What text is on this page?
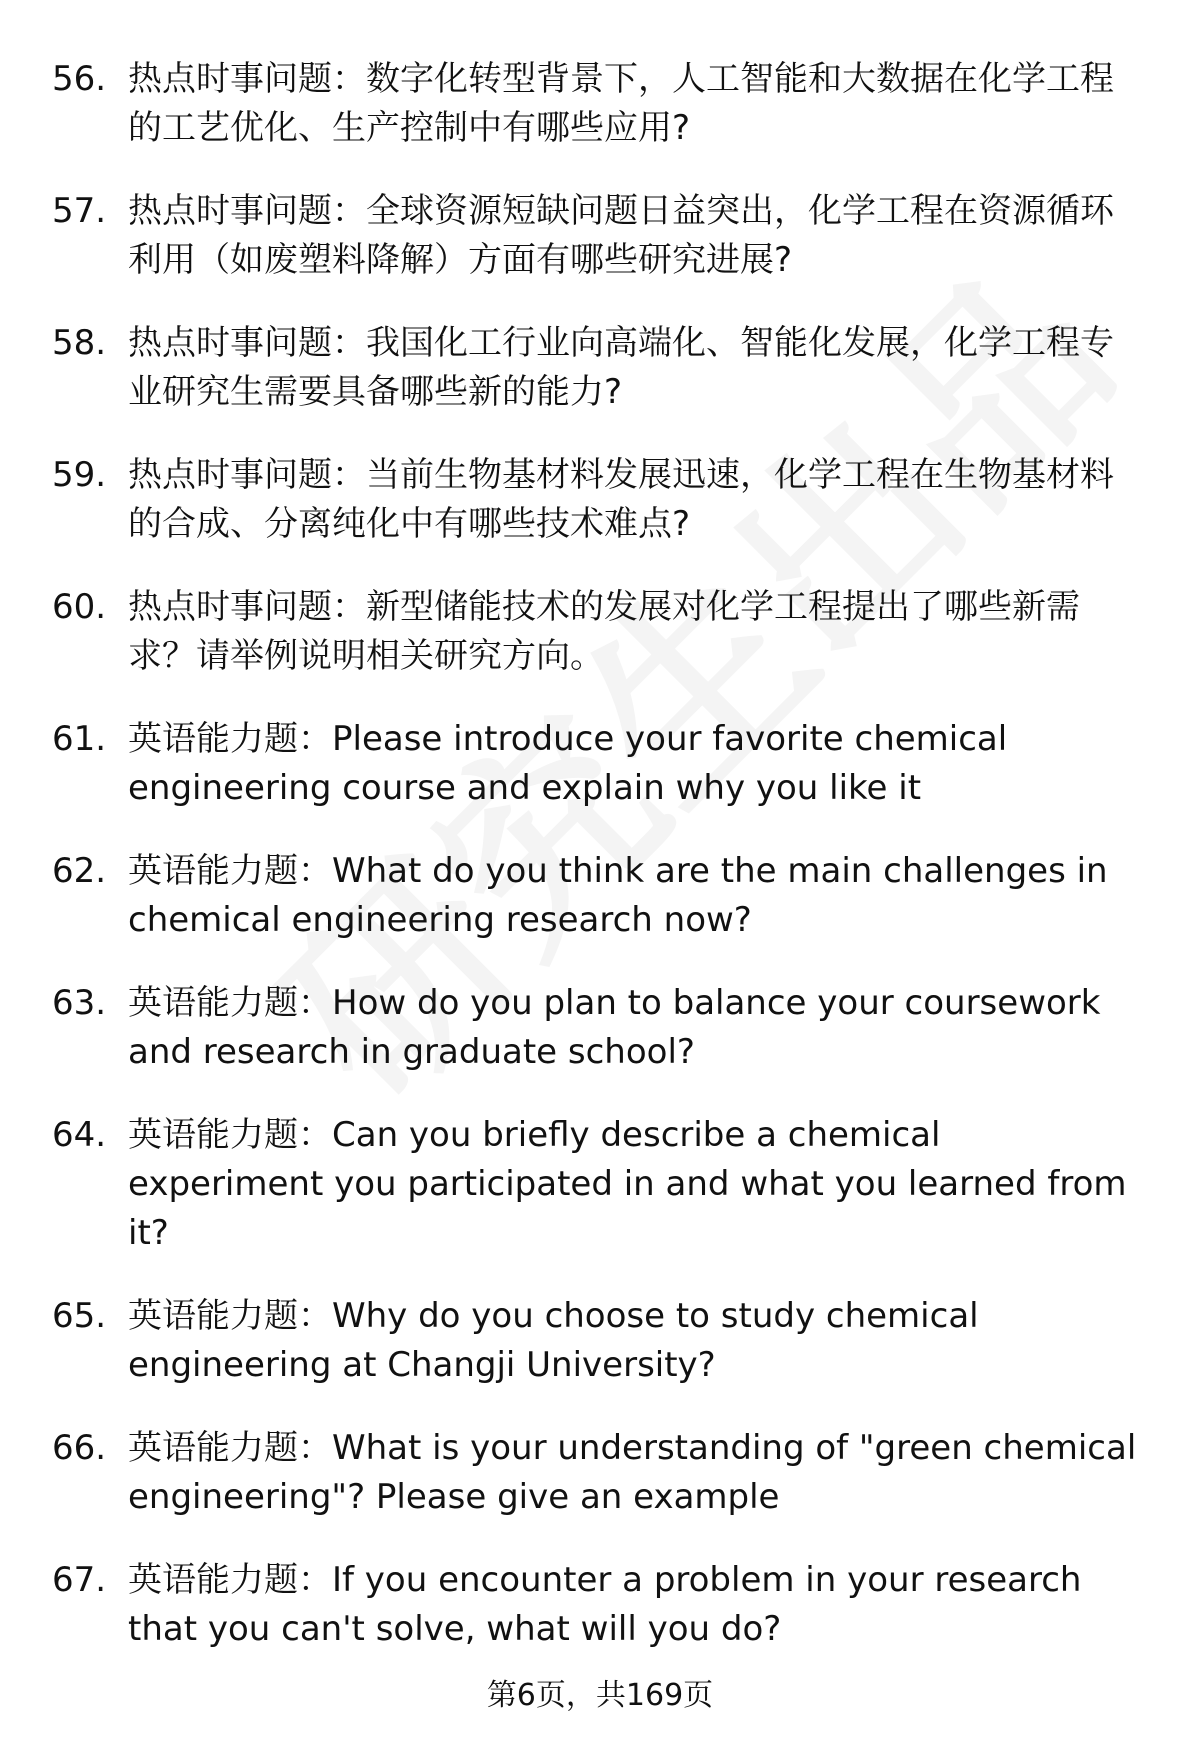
56. 热点时事问题：数字化转型背景下，人工智能和大数据在化学工程的工艺优化、生产控制中有哪些应用?
57. 热点时事问题：全球资源短缺问题日益突出，化学工程在资源循环利用（如废塑料降解）方面有哪些研究进展?
58. 热点时事问题：我国化工行业向高端化、智能化发展，化学工程专业研究生需要具备哪些新的能力?
59. 热点时事问题：当前生物基材料发展迅速，化学工程在生物基材料的合成、分离纯化中有哪些技术难点?
60. 热点时事问题：新型储能技术的发展对化学工程提出了哪些新需求？请举例说明相关研究方向。
61. 英语能力题：Please introduce your favorite chemical engineering course and explain why you like it
62. 英语能力题：What do you think are the main challenges in chemical engineering research now?
63. 英语能力题：How do you plan to balance your coursework and research in graduate school?
64. 英语能力题：Can you briefly describe a chemical experiment you participated in and what you learned from it?
65. 英语能力题：Why do you choose to study chemical engineering at Changji University?
66. 英语能力题：What is your understanding of "green chemical engineering"? Please give an example
67. 英语能力题：If you encounter a problem in your research that you can't solve, what will you do?
第6页，共169页
